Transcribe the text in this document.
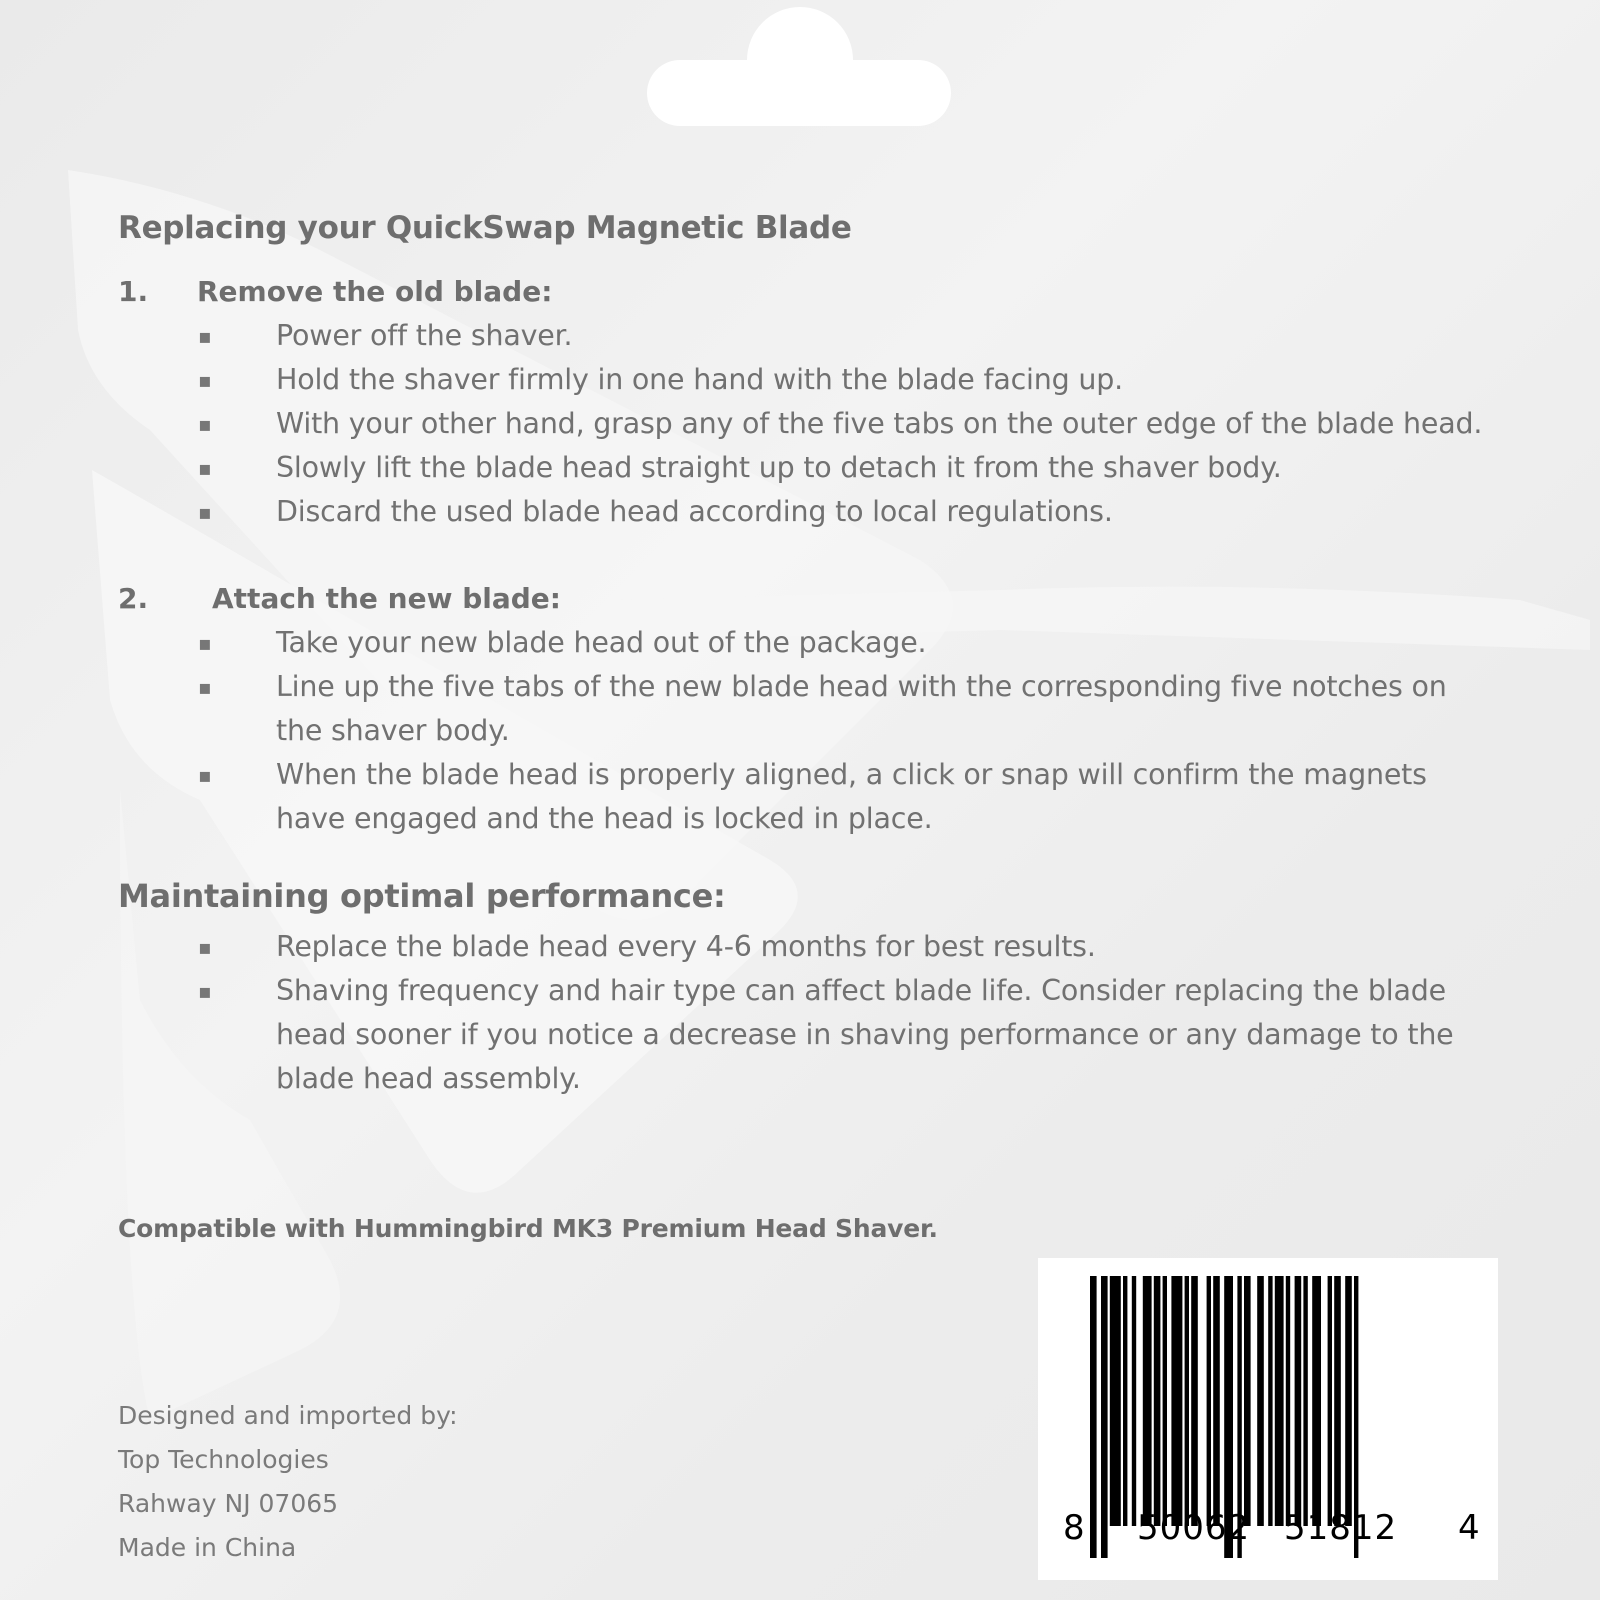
Replacing your QuickSwap Magnetic Blade
1.	Remove the old blade:
▪ Power off the shaver.
▪ Hold the shaver firmly in one hand with the blade facing up.
▪ With your other hand, grasp any of the five tabs on the outer edge of the blade head.
▪ Slowly lift the blade head straight up to detach it from the shaver body.
▪ Discard the used blade head according to local regulations.
2.	Attach the new blade:
▪ Take your new blade head out of the package.
▪ Line up the five tabs of the new blade head with the corresponding five notches on the shaver body.
▪ When the blade head is properly aligned, a click or snap will confirm the magnets have engaged and the head is locked in place.
Maintaining optimal performance:
▪ Replace the blade head every 4-6 months for best results.
▪ Shaving frequency and hair type can affect blade life. Consider replacing the blade head sooner if you notice a decrease in shaving performance or any damage to the blade head assembly.
Compatible with Hummingbird MK3 Premium Head Shaver.
Designed and imported by:
Top Technologies
Rahway NJ 07065
Made in China	8 50062 51812 4
